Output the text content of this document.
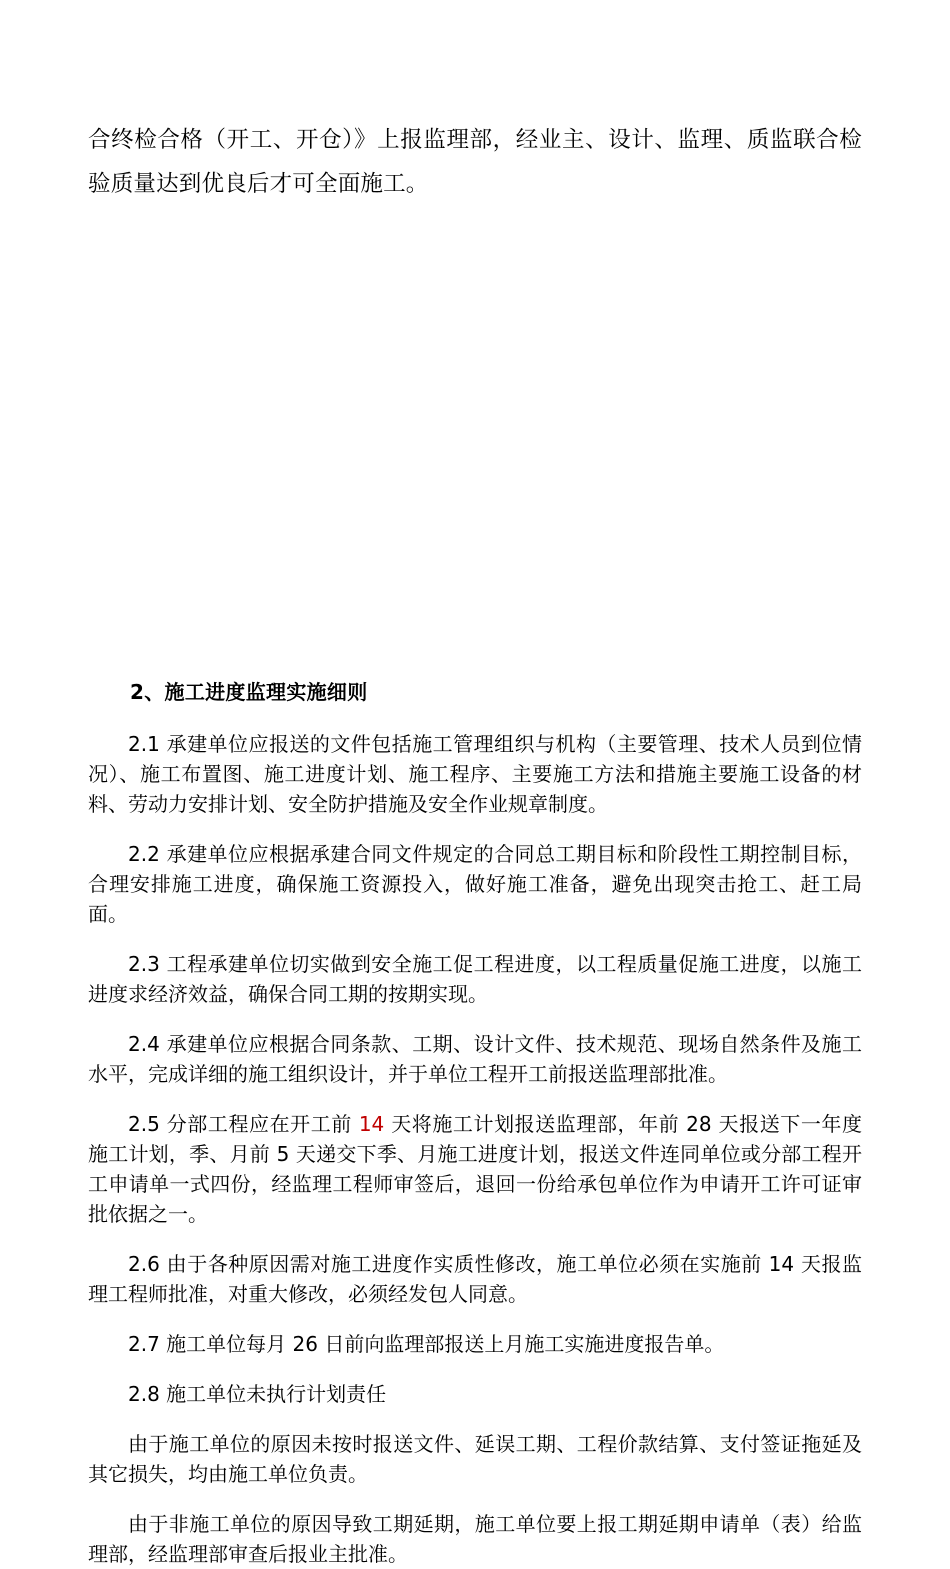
合终检合格（开工、开仓）》上报监理部，经业主、设计、监理、质监联合检验质量达到优良后才可全面施工。

2、施工进度监理实施细则

2.1 承建单位应报送的文件包括施工管理组织与机构（主要管理、技术人员到位情况）、施工布置图、施工进度计划、施工程序、主要施工方法和措施主要施工设备的材料、劳动力安排计划、安全防护措施及安全作业规章制度。

2.2 承建单位应根据承建合同文件规定的合同总工期目标和阶段性工期控制目标，合理安排施工进度，确保施工资源投入，做好施工准备，避免出现突击抢工、赶工局面。

2.3 工程承建单位切实做到安全施工促工程进度，以工程质量促施工进度，以施工进度求经济效益，确保合同工期的按期实现。

2.4 承建单位应根据合同条款、工期、设计文件、技术规范、现场自然条件及施工水平，完成详细的施工组织设计，并于单位工程开工前报送监理部批准。

2.5 分部工程应在开工前 14 天将施工计划报送监理部，年前 28 天报送下一年度施工计划，季、月前 5 天递交下季、月施工进度计划，报送文件连同单位或分部工程开工申请单一式四份，经监理工程师审签后，退回一份给承包单位作为申请开工许可证审批依据之一。

2.6 由于各种原因需对施工进度作实质性修改，施工单位必须在实施前 14 天报监理工程师批准，对重大修改，必须经发包人同意。

2.7 施工单位每月 26 日前向监理部报送上月施工实施进度报告单。

2.8 施工单位未执行计划责任

由于施工单位的原因未按时报送文件、延误工期、工程价款结算、支付签证拖延及其它损失，均由施工单位负责。

由于非施工单位的原因导致工期延期，施工单位要上报工期延期申请单（表）给监理部，经监理部审查后报业主批准。
